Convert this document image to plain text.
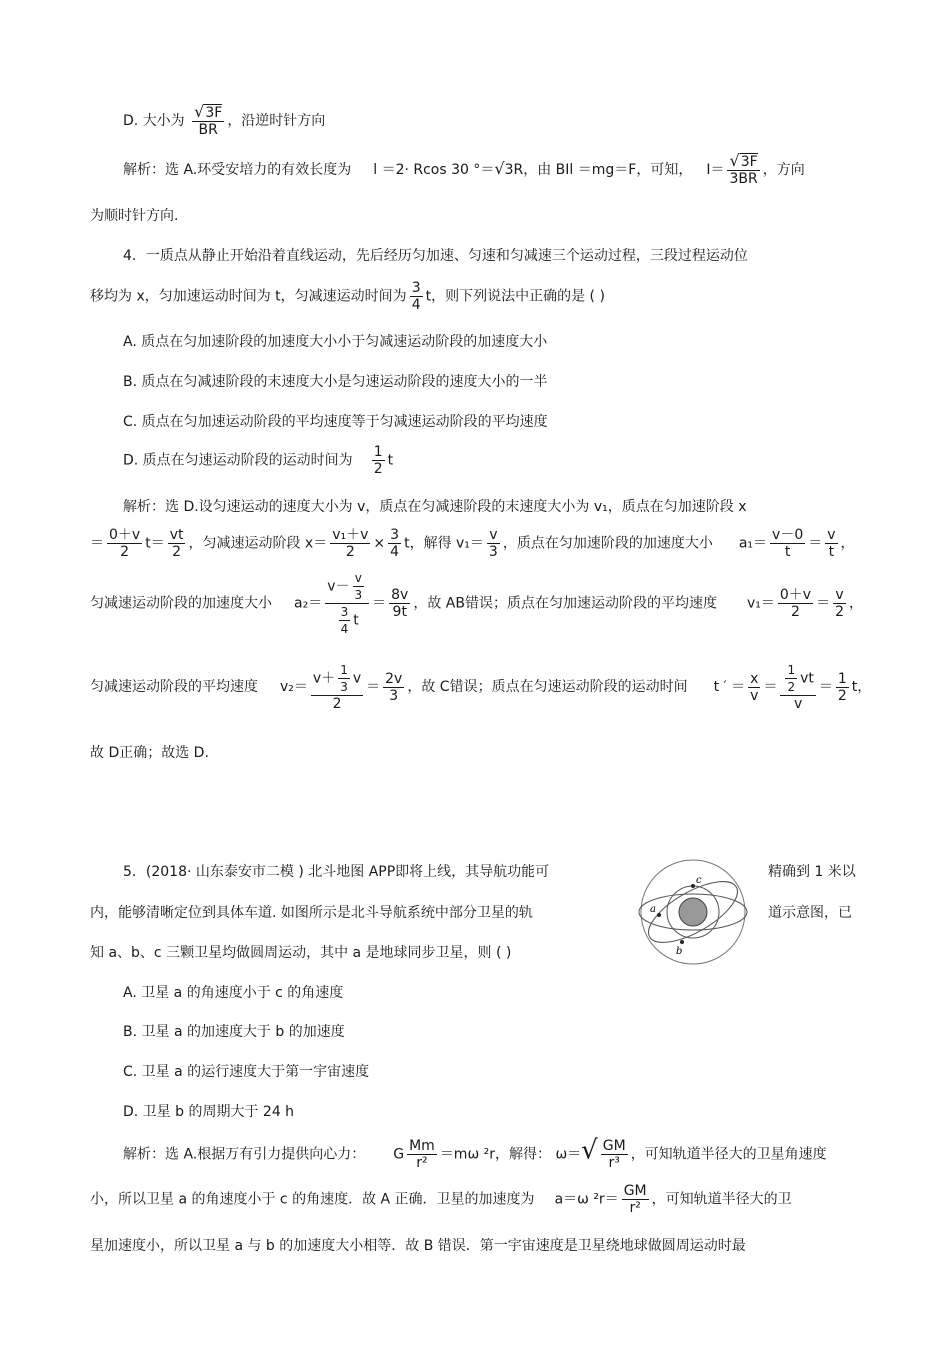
D. 大小为 $\frac{√3F}{BR}$ ，沿逆时针方向
解析：选 A.环受安培力的有效长度为 l ＝2· Rcos 30 °＝√3R，由 BIl ＝mg＝F，可知， $I= \frac{√3F}{3BR}$ ，方向
为顺时针方向.
4．一质点从静止开始沿着直线运动，先后经历匀加速、匀速和匀减速三个运动过程，三段过程运动位
移均为 x，匀加速运动时间为 t，匀减速运动时间为 $\frac{3}{4}$ t，则下列说法中正确的是 ( )
A. 质点在匀加速阶段的加速度大小小于匀减速运动阶段的加速度大小
B. 质点在匀减速阶段的末速度大小是匀速运动阶段的速度大小的一半
C. 质点在匀加速运动阶段的平均速度等于匀减速运动阶段的平均速度
D. 质点在匀速运动阶段的运动时间为 $\frac{1}{2}$ t
解析：选 D.设匀速运动的速度大小为 v，质点在匀减速阶段的末速度大小为 v₁，质点在匀加速阶段 x
＝ $\frac{0+v}{2} t= \frac{vt}{2}$ ，匀减速运动阶段 $x= \frac{\text{v₁＋v}}{2} \times \frac{3}{4}$ t，解得 $v_1= \frac{v}{3}$ ，质点在匀加速阶段的加速度大小 $a_1= \frac{v-0}{t} = \frac{v}{t}$ ，
匀减速运动阶段的加速度大小 $a_2= \frac{v- \frac{v}{3}}{\frac{3}{4} t} = \frac{8v}{9t}$ ，故 AB错误；质点在匀加速运动阶段的平均速度 $v_1= \frac{0+v}{2} = \frac{v}{2}$ ，
匀减速运动阶段的平均速度 $v_2= \frac{v+ \frac{1}{3} v}{2} = \frac{2v}{3}$ ，故 C错误；质点在匀速运动阶段的运动时间 t ′ ＝ $\frac{x}{v} = \frac{\frac{1}{2} vt}{v} = \frac{1}{2}$ t，
故 D正确；故选 D.
5．(2018· 山东泰安市二模 ) 北斗地图 APP即将上线，其导航功能可	精确到 1 米以
内，能够清晰定位到具体车道. 如图所示是北斗导航系统中部分卫星的轨	道示意图，已
知 a、b、c 三颗卫星均做圆周运动，其中 a 是地球同步卫星，则 ( )
a
b
c
A. 卫星 a 的角速度小于 c 的角速度
B. 卫星 a 的加速度大于 b 的加速度
C. 卫星 a 的运行速度大于第一宇宙速度
D. 卫星 b 的周期大于 24 h
解析：选 A.根据万有引力提供向心力： G $\frac{Mm}{\text{r²}} =m\omega$ ²r，解得： $\omega=√ \frac{GM}{\text{r³}}$ ，可知轨道半径大的卫星角速度
小，所以卫星 a 的角速度小于 c 的角速度．故 A 正确．卫星的加速度为 a＝ω $^2r= \frac{GM}{\text{r²}}$ ，可知轨道半径大的卫
星加速度小，所以卫星 a 与 b 的加速度大小相等．故 B 错误．第一宇宙速度是卫星绕地球做圆周运动时最
